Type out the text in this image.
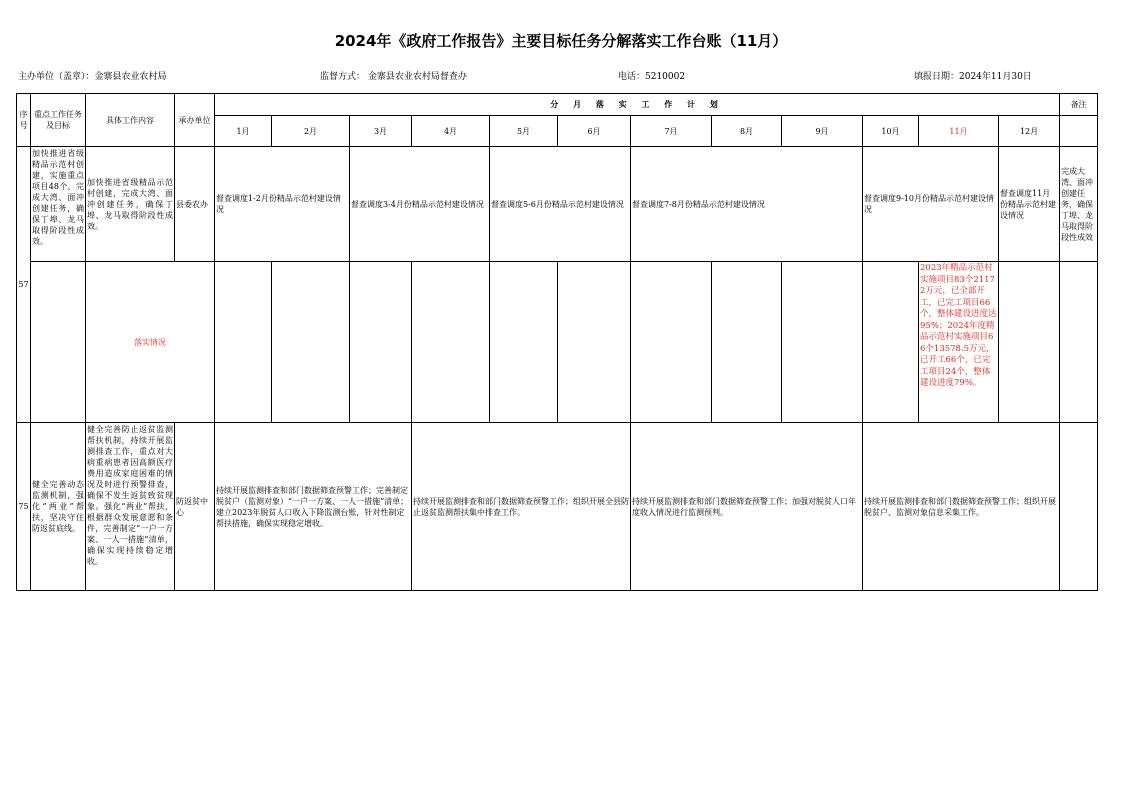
2024年《政府工作报告》主要目标任务分解落实工作台账（11月）
主办单位（盖章）：金寨县农业农村局	监督方式： 金寨县农业农村局督查办	电话：5210002	填报日期：2024年11月30日
序号	重点工作任务及目标	具体工作内容	承办单位	分 月 落 实 工 作 计 划												备注	
				1月	2月	3月	4月	5月	6月	7月	8月	9月	10月	11月	12月		
57	加快推进省级精品示范村创建，实施重点项目48个，完成大湾、面冲创建任务，确保丁埠、龙马取得阶段性成效。	加快推进省级精品示范村创建，完成大湾、面冲创建任务，确保丁埠、龙马取得阶段性成效。	县委农办	督查调度1-2月份精品示范村建设情况		督查调度3-4月份精品示范村建设情况		督查调度5-6月份精品示范村建设情况		督查调度7-8月份精品示范村建设情况			督查调度9-10月份精品示范村建设情况		督查调度11月份精品示范村建设情况	完成大湾、面冲创建任务，确保丁埠、龙马取得阶段性成效	
		落实情况												2023年精品示范村实施项目83个21172万元，已全部开工，已完工项目66个，整体建设进度达95%；2024年度精品示范村实施项目66个13578.5万元，已开工66个，已完工项目24个，整体建设进度79%。			
75	健全完善动态监测机制，强化“两业”帮扶，坚决守住防返贫底线。	健全完善防止返贫监测帮扶机制，持续开展监测排查工作，重点对大病重病患者因高额医疗费用造成家庭困难的情况及时进行预警排查，确保不发生返贫致贫现象。强化“两业”帮扶，根据群众发展意愿和条件，完善制定“一户一方案、一人一措施”清单，确保实现持续稳定增收。	防返贫中心	持续开展监测排查和部门数据筛查预警工作；完善制定脱贫户（监测对象）“一户一方案、一人一措施”清单；建立2023年脱贫人口收入下降监测台账，针对性制定帮扶措施，确保实现稳定增收。			持续开展监测排查和部门数据筛查预警工作；组织开展全县防止返贫监测帮扶集中排查工作。			持续开展监测排查和部门数据筛查预警工作；加强对脱贫人口年度收入情况进行监测预判。			持续开展监测排查和部门数据筛查预警工作；组织开展脱贫户、监测对象信息采集工作。				
